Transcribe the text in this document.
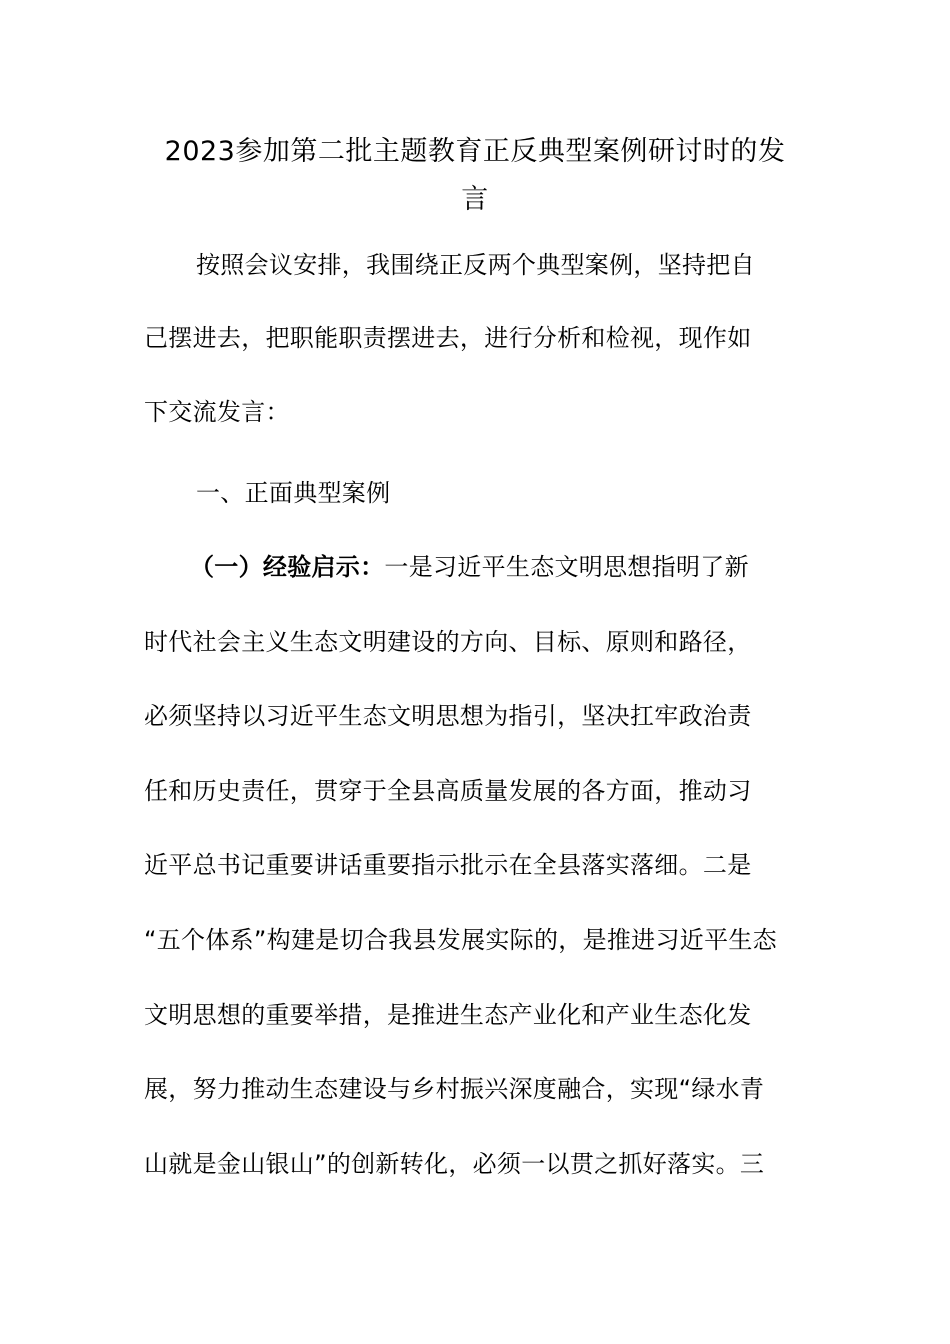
2023参加第二批主题教育正反典型案例研讨时的发
言
按照会议安排，我围绕正反两个典型案例，坚持把自
己摆进去，把职能职责摆进去，进行分析和检视，现作如
下交流发言：
一、正面典型案例
（一）经验启示：一是习近平生态文明思想指明了新
时代社会主义生态文明建设的方向、目标、原则和路径，
必须坚持以习近平生态文明思想为指引，坚决扛牢政治责
任和历史责任，贯穿于全县高质量发展的各方面，推动习
近平总书记重要讲话重要指示批示在全县落实落细。二是
“五个体系”构建是切合我县发展实际的，是推进习近平生态
文明思想的重要举措，是推进生态产业化和产业生态化发
展，努力推动生态建设与乡村振兴深度融合，实现“绿水青
山就是金山银山”的创新转化，必须一以贯之抓好落实。三
